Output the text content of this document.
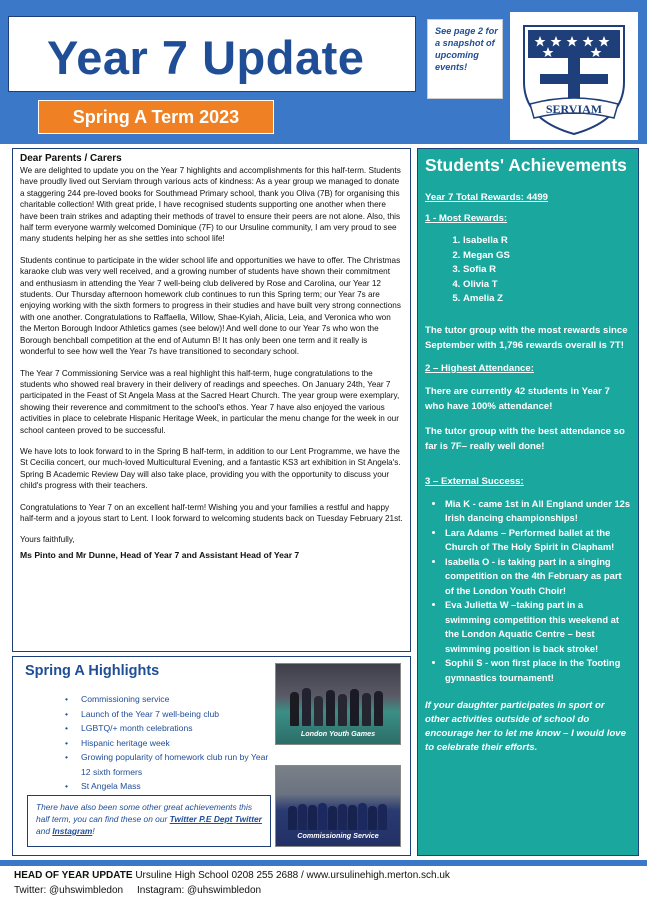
Year 7 Update
Spring A Term 2023

See page 2 for a snapshot of upcoming events!

SERVIAM
Dear Parents / Carers

We are delighted to update you on the Year 7 highlights and accomplishments for this half-term. Students have proudly lived out Serviam through various acts of kindness: As a year group we managed to donate a staggering 244 pre-loved books for Southmead Primary school, thank you Oliva (7B) for organising this charitable collection! With great pride, I have recognised students supporting one another when there have been train strikes and adapting their methods of travel to ensure their peers are not alone. Also, this half term everyone warmly welcomed Dominique (7F) to our Ursuline community, I am very proud to see many students helping her as she settles into school life!

Students continue to participate in the wider school life and opportunities we have to offer. The Christmas karaoke club was very well received, and a growing number of students have shown their commitment and enthusiasm in attending the Year 7 well-being club delivered by Rose and Carolina, our Year 12 students. Our Thursday afternoon homework club continues to run this Spring term; our Year 7s are enjoying working with the sixth formers to progress in their studies and have built very strong connections with one another. Congratulations to Raffaella, Willow, Shae-Kyiah, Alicia, Leia, and Veronica who won the Merton Borough Indoor Athletics games (see below)! And well done to our Year 7s who won the Borough benchball competition at the end of Autumn B! It has only been one term and it really is wonderful to see how well the Year 7s have transitioned to secondary school.

The Year 7 Commissioning Service was a real highlight this half-term, huge congratulations to the students who showed real bravery in their delivery of readings and speeches. On January 24th, Year 7 participated in the Feast of St Angela Mass at the Sacred Heart Church. The year group were exemplary, showing their reverence and commitment to the school's ethos. Year 7 have also enjoyed the various activities in place to celebrate Hispanic Heritage Week, in particular the menu change for the week in our school canteen proved to be successful.

We have lots to look forward to in the Spring B half-term, in addition to our Lent Programme, we have the St Cecilia concert, our much-loved Multicultural Evening, and a fantastic KS3 art exhibition in St Angela's. Spring B Academic Review Day will also take place, providing you with the opportunity to discuss your child's progress with their teachers.

Congratulations to Year 7 on an excellent half-term! Wishing you and your families a restful and happy half-term and a joyous start to Lent. I look forward to welcoming students back on Tuesday February 21st.

Yours faithfully,

Ms Pinto and Mr Dunne, Head of Year 7 and Assistant Head of Year 7

Students' Achievements

Year 7 Total Rewards: 4499

1 - Most Rewards:

1. Isabella R
2. Megan GS
3. Sofia R
4. Olivia T
5. Amelia Z

The tutor group with the most rewards since September with 1,796 rewards overall is 7T!

2 – Highest Attendance:

There are currently 42 students in Year 7 who have 100% attendance!

The tutor group with the best attendance so far is 7F– really well done!

3 – External Success:

• Mia K - came 1st in All England under 12s Irish dancing championships!
• Lara Adams – Performed ballet at the Church of The Holy Spirit in Clapham!
• Isabella O - is taking part in a singing competition on the 4th February as part of the London Youth Choir!
• Eva Julietta W –taking part in a swimming competition this weekend at the London Aquatic Centre – best swimming position is back stroke!
• Sophii S - won first place in the Tooting gymnastics tournament!

If your daughter participates in sport or other activities outside of school do encourage her to let me know – I would love to celebrate their efforts.

Spring A Highlights
• Commissioning service
• Launch of the Year 7 well-being club
• LGBTQ/+ month celebrations
• Hispanic heritage week
• Growing popularity of homework club run by Year 12 sixth formers
• St Angela Mass
London Youth Games
Commissioning Service

There have also been some other great achievements this half term, you can find these on our Twitter P.E Dept Twitter and Instagram!

HEAD OF YEAR UPDATE Ursuline High School 0208 255 2688 / www.ursulinehigh.merton.sch.uk

Twitter: @uhswimbledon Instagram: @uhswimbledon
